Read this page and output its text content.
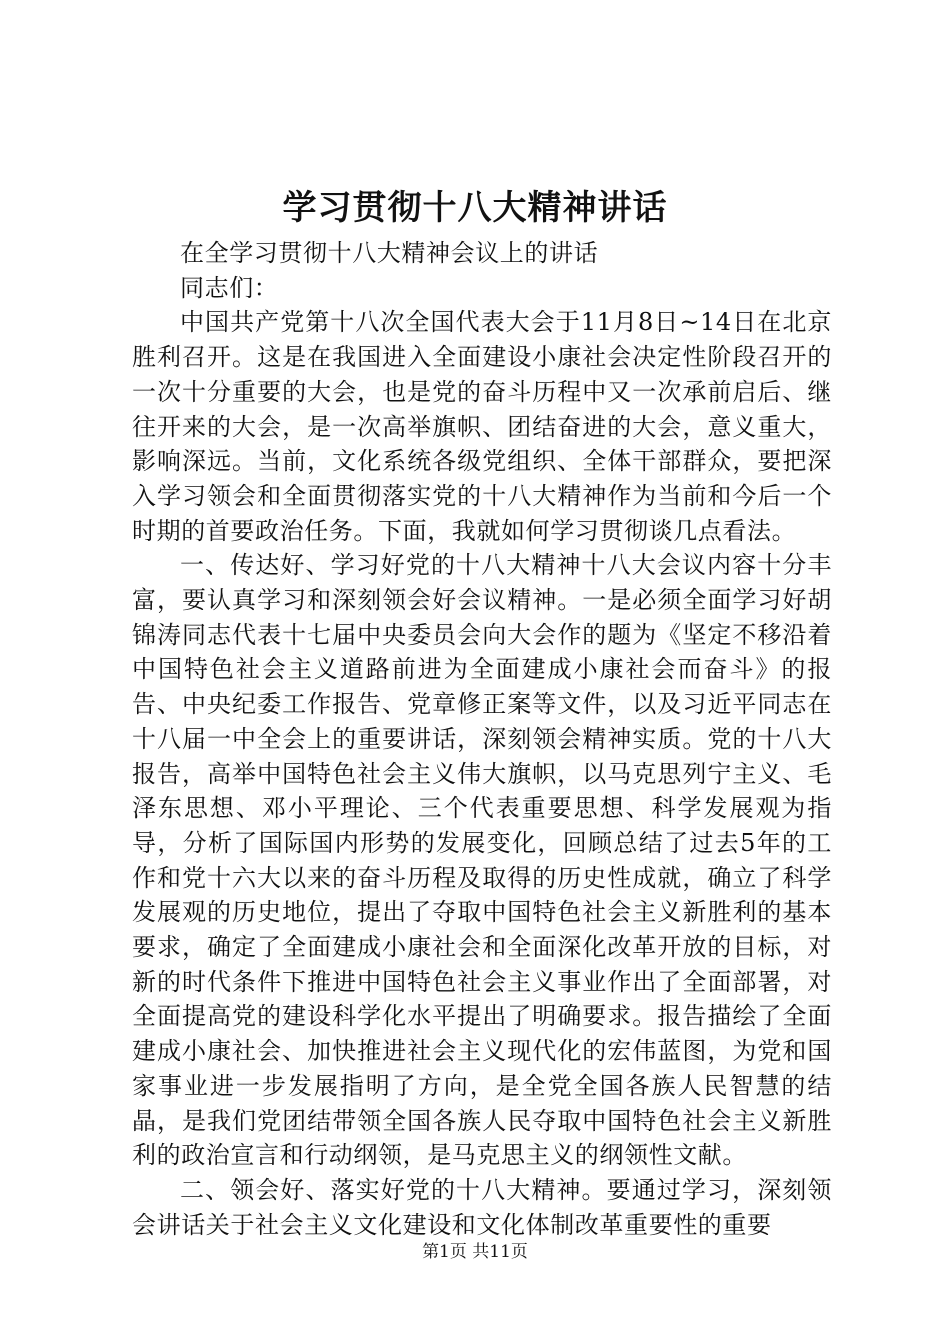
学习贯彻十八大精神讲话

在全学习贯彻十八大精神会议上的讲话

同志们：

中国共产党第十八次全国代表大会于11月8日~14日在北京胜利召开。这是在我国进入全面建设小康社会决定性阶段召开的一次十分重要的大会，也是党的奋斗历程中又一次承前启后、继往开来的大会，是一次高举旗帜、团结奋进的大会，意义重大，影响深远。当前，文化系统各级党组织、全体干部群众，要把深入学习领会和全面贯彻落实党的十八大精神作为当前和今后一个时期的首要政治任务。下面，我就如何学习贯彻谈几点看法。

一、传达好、学习好党的十八大精神十八大会议内容十分丰富，要认真学习和深刻领会好会议精神。一是必须全面学习好胡锦涛同志代表十七届中央委员会向大会作的题为《坚定不移沿着中国特色社会主义道路前进为全面建成小康社会而奋斗》的报告、中央纪委工作报告、党章修正案等文件，以及习近平同志在十八届一中全会上的重要讲话，深刻领会精神实质。党的十八大报告，高举中国特色社会主义伟大旗帜，以马克思列宁主义、毛泽东思想、邓小平理论、三个代表重要思想、科学发展观为指导，分析了国际国内形势的发展变化，回顾总结了过去5年的工作和党十六大以来的奋斗历程及取得的历史性成就，确立了科学发展观的历史地位，提出了夺取中国特色社会主义新胜利的基本要求，确定了全面建成小康社会和全面深化改革开放的目标，对新的时代条件下推进中国特色社会主义事业作出了全面部署，对全面提高党的建设科学化水平提出了明确要求。报告描绘了全面建成小康社会、加快推进社会主义现代化的宏伟蓝图，为党和国家事业进一步发展指明了方向，是全党全国各族人民智慧的结晶，是我们党团结带领全国各族人民夺取中国特色社会主义新胜利的政治宣言和行动纲领，是马克思主义的纲领性文献。

二、领会好、落实好党的十八大精神。要通过学习，深刻领会讲话关于社会主义文化建设和文化体制改革重要性的重要

第1页 共11页
